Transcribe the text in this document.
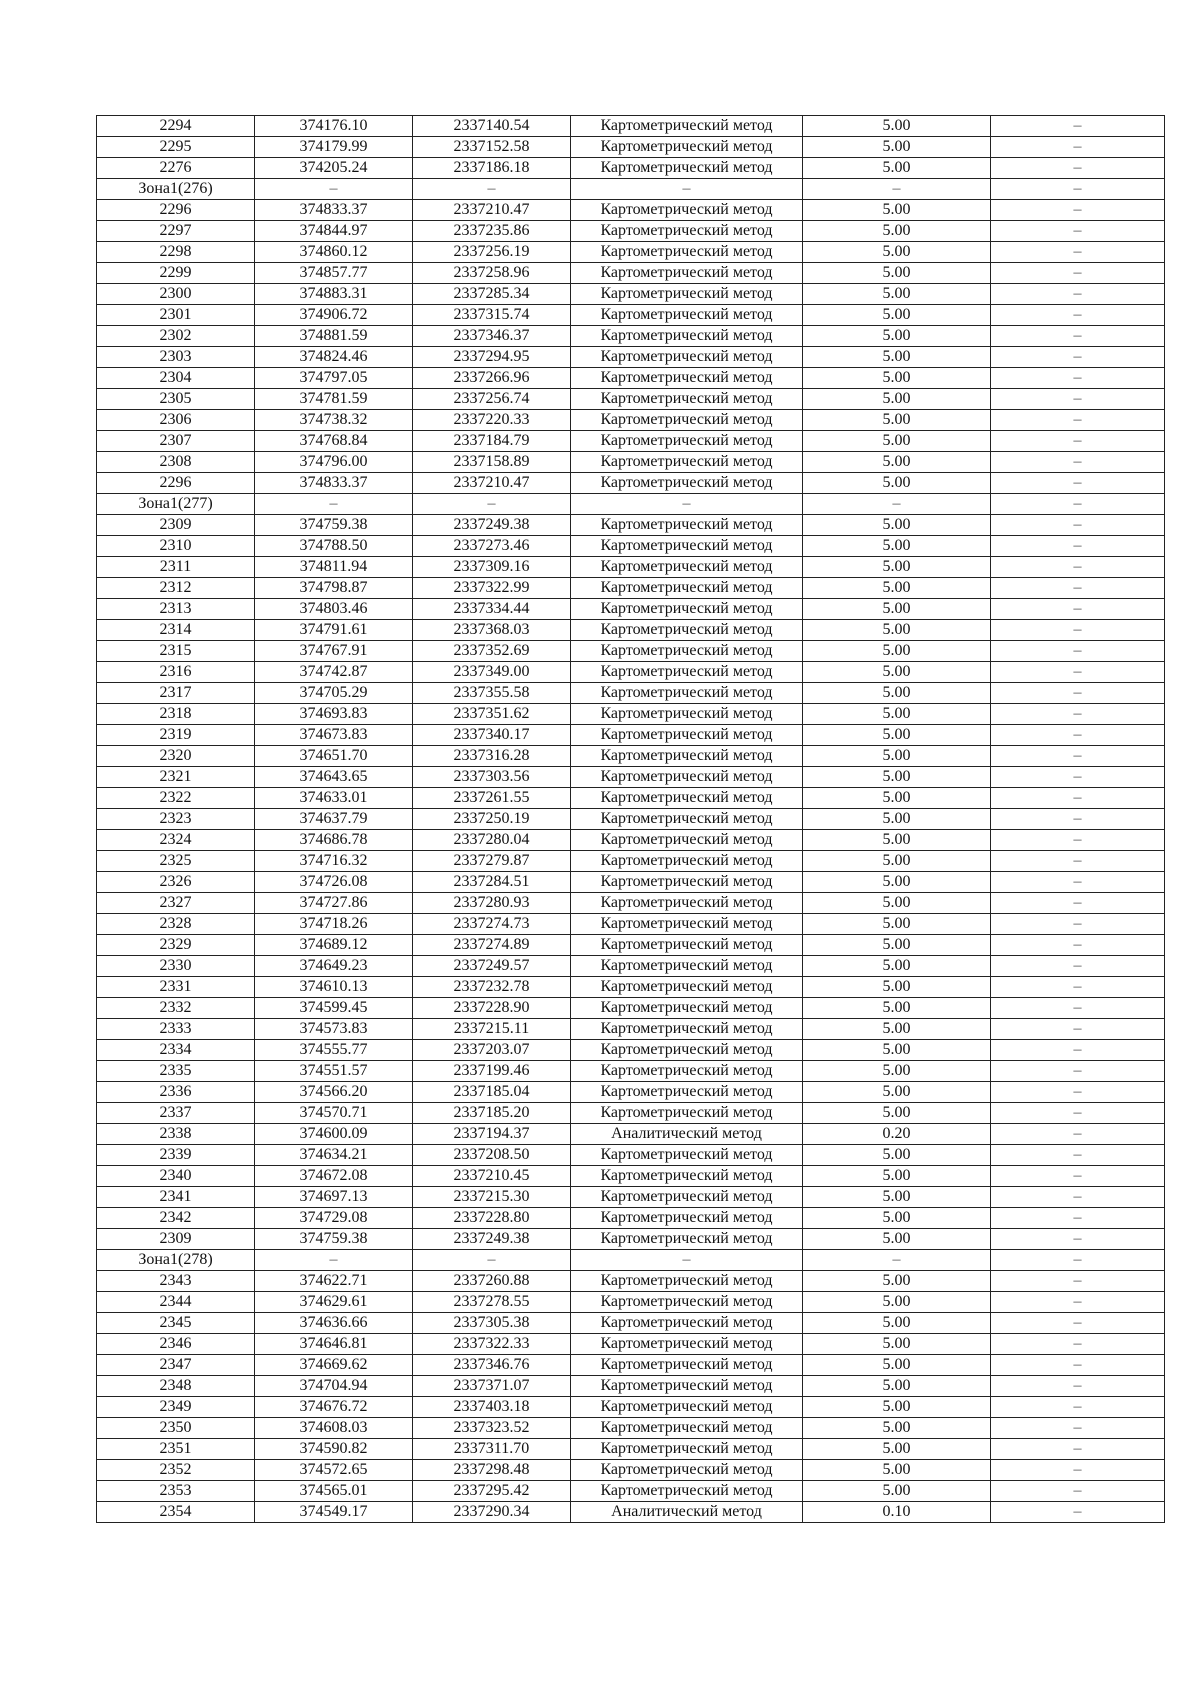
2294	374176.10	2337140.54	Картометрический метод	5.00	–
2295	374179.99	2337152.58	Картометрический метод	5.00	–
2276	374205.24	2337186.18	Картометрический метод	5.00	–
Зона1(276)	–	–	–	–	–
2296	374833.37	2337210.47	Картометрический метод	5.00	–
2297	374844.97	2337235.86	Картометрический метод	5.00	–
2298	374860.12	2337256.19	Картометрический метод	5.00	–
2299	374857.77	2337258.96	Картометрический метод	5.00	–
2300	374883.31	2337285.34	Картометрический метод	5.00	–
2301	374906.72	2337315.74	Картометрический метод	5.00	–
2302	374881.59	2337346.37	Картометрический метод	5.00	–
2303	374824.46	2337294.95	Картометрический метод	5.00	–
2304	374797.05	2337266.96	Картометрический метод	5.00	–
2305	374781.59	2337256.74	Картометрический метод	5.00	–
2306	374738.32	2337220.33	Картометрический метод	5.00	–
2307	374768.84	2337184.79	Картометрический метод	5.00	–
2308	374796.00	2337158.89	Картометрический метод	5.00	–
2296	374833.37	2337210.47	Картометрический метод	5.00	–
Зона1(277)	–	–	–	–	–
2309	374759.38	2337249.38	Картометрический метод	5.00	–
2310	374788.50	2337273.46	Картометрический метод	5.00	–
2311	374811.94	2337309.16	Картометрический метод	5.00	–
2312	374798.87	2337322.99	Картометрический метод	5.00	–
2313	374803.46	2337334.44	Картометрический метод	5.00	–
2314	374791.61	2337368.03	Картометрический метод	5.00	–
2315	374767.91	2337352.69	Картометрический метод	5.00	–
2316	374742.87	2337349.00	Картометрический метод	5.00	–
2317	374705.29	2337355.58	Картометрический метод	5.00	–
2318	374693.83	2337351.62	Картометрический метод	5.00	–
2319	374673.83	2337340.17	Картометрический метод	5.00	–
2320	374651.70	2337316.28	Картометрический метод	5.00	–
2321	374643.65	2337303.56	Картометрический метод	5.00	–
2322	374633.01	2337261.55	Картометрический метод	5.00	–
2323	374637.79	2337250.19	Картометрический метод	5.00	–
2324	374686.78	2337280.04	Картометрический метод	5.00	–
2325	374716.32	2337279.87	Картометрический метод	5.00	–
2326	374726.08	2337284.51	Картометрический метод	5.00	–
2327	374727.86	2337280.93	Картометрический метод	5.00	–
2328	374718.26	2337274.73	Картометрический метод	5.00	–
2329	374689.12	2337274.89	Картометрический метод	5.00	–
2330	374649.23	2337249.57	Картометрический метод	5.00	–
2331	374610.13	2337232.78	Картометрический метод	5.00	–
2332	374599.45	2337228.90	Картометрический метод	5.00	–
2333	374573.83	2337215.11	Картометрический метод	5.00	–
2334	374555.77	2337203.07	Картометрический метод	5.00	–
2335	374551.57	2337199.46	Картометрический метод	5.00	–
2336	374566.20	2337185.04	Картометрический метод	5.00	–
2337	374570.71	2337185.20	Картометрический метод	5.00	–
2338	374600.09	2337194.37	Аналитический метод	0.20	–
2339	374634.21	2337208.50	Картометрический метод	5.00	–
2340	374672.08	2337210.45	Картометрический метод	5.00	–
2341	374697.13	2337215.30	Картометрический метод	5.00	–
2342	374729.08	2337228.80	Картометрический метод	5.00	–
2309	374759.38	2337249.38	Картометрический метод	5.00	–
Зона1(278)	–	–	–	–	–
2343	374622.71	2337260.88	Картометрический метод	5.00	–
2344	374629.61	2337278.55	Картометрический метод	5.00	–
2345	374636.66	2337305.38	Картометрический метод	5.00	–
2346	374646.81	2337322.33	Картометрический метод	5.00	–
2347	374669.62	2337346.76	Картометрический метод	5.00	–
2348	374704.94	2337371.07	Картометрический метод	5.00	–
2349	374676.72	2337403.18	Картометрический метод	5.00	–
2350	374608.03	2337323.52	Картометрический метод	5.00	–
2351	374590.82	2337311.70	Картометрический метод	5.00	–
2352	374572.65	2337298.48	Картометрический метод	5.00	–
2353	374565.01	2337295.42	Картометрический метод	5.00	–
2354	374549.17	2337290.34	Аналитический метод	0.10	–
